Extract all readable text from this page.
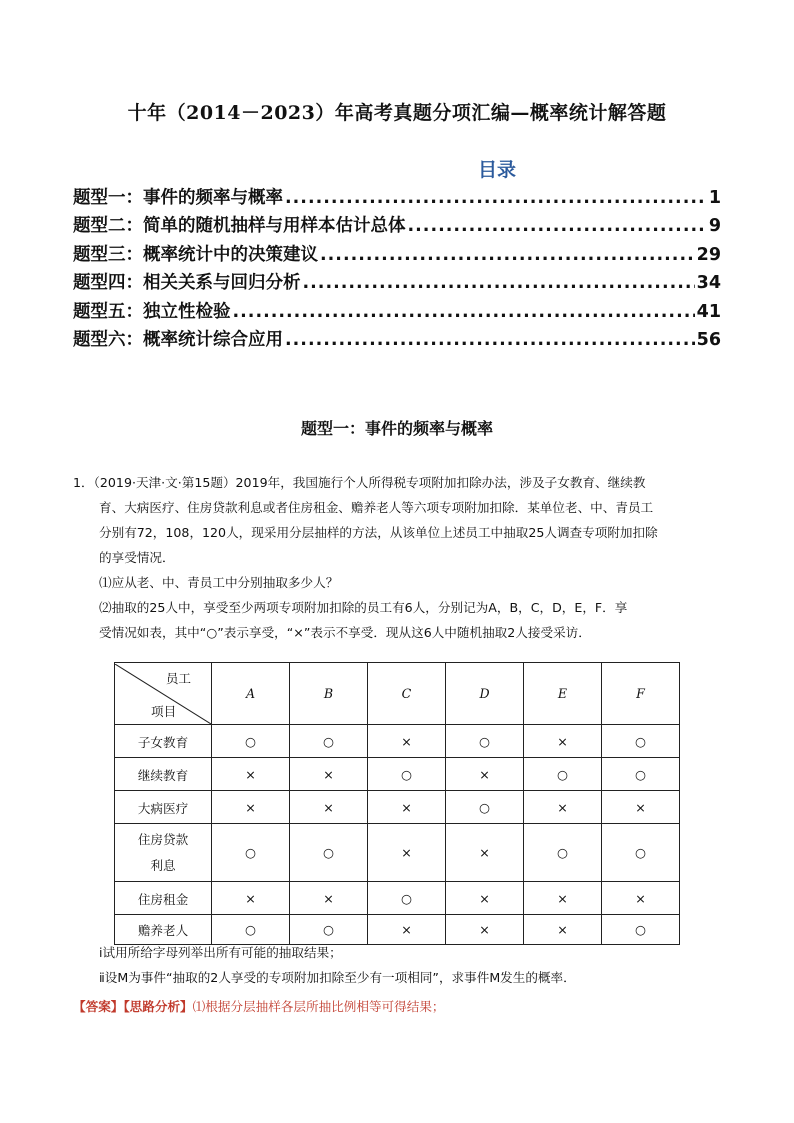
十年（2014－2023）年高考真题分项汇编—概率统计解答题
目录
题型一：事件的频率与概率 .....	1
题型二：简单的随机抽样与用样本估计总体 .....	9
题型三：概率统计中的决策建议 .....	29
题型四：相关关系与回归分析 .....	34
题型五：独立性检验 .....	41
题型六：概率统计综合应用 .....	56
题型一：事件的频率与概率

1．（2019·天津·文·第15题）2019年，我国施行个人所得税专项附加扣除办法，涉及子女教育、继续教

育、大病医疗、住房贷款利息或者住房租金、赡养老人等六项专项附加扣除．某单位老、中、青员工

分别有72，108，120人，现采用分层抽样的方法，从该单位上述员工中抽取25人调查专项附加扣除

的享受情况．

⑴应从老、中、青员工中分别抽取多少人？

⑵抽取的25人中，享受至少两项专项附加扣除的员工有6人，分别记为A，B，C，D，E，F．享

受情况如表，其中“○”表示享受，“×”表示不享受．现从这6人中随机抽取2人接受采访．

员工
项目	A	B	C	D	E	F
子女教育	○	○	×	○	×	○
继续教育	×	×	○	×	○	○
大病医疗	×	×	×	○	×	×

住房贷款
利息	○	○	×	×	○	○
住房租金	×	×	○	×	×	×
赡养老人	○	○	×	×	×	○

ⅰ试用所给字母列举出所有可能的抽取结果；

ⅱ设M为事件“抽取的2人享受的专项附加扣除至少有一项相同”，求事件M发生的概率．

【答案】【思路分析】⑴根据分层抽样各层所抽比例相等可得结果；
